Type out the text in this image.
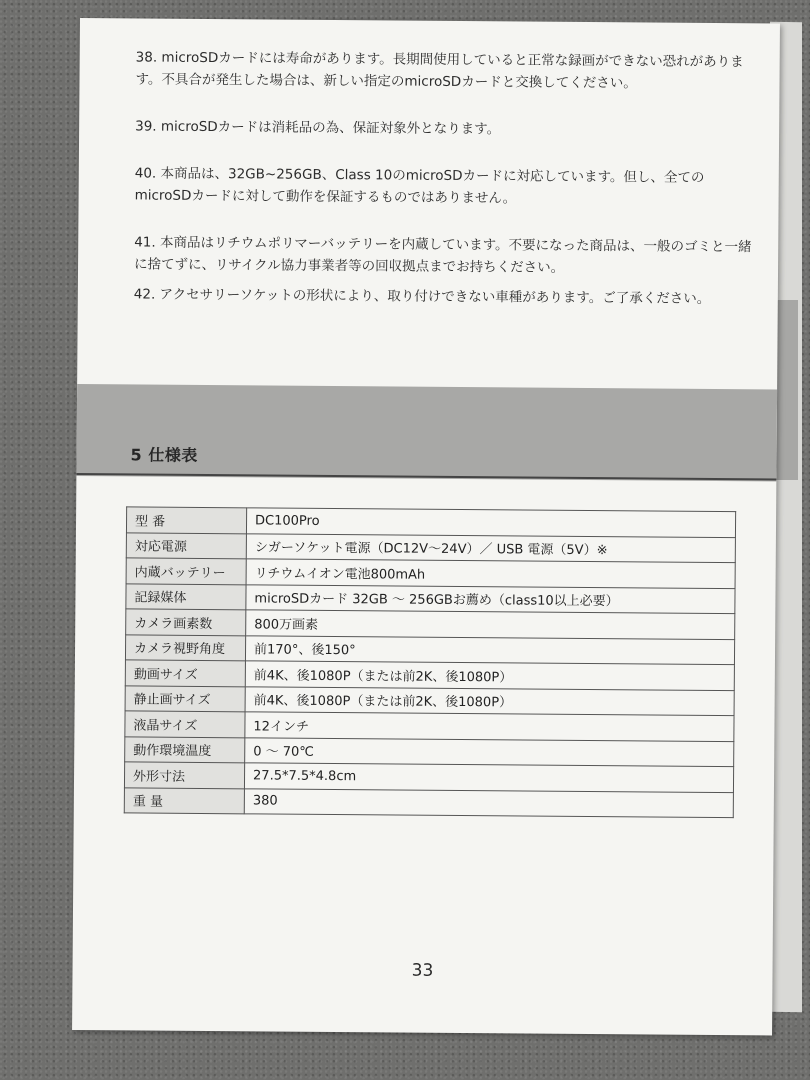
38. microSDカードには寿命があります。長期間使用していると正常な録画ができない恐れがあります。不具合が発生した場合は、新しい指定のmicroSDカードと交換してください。

39. microSDカードは消耗品の為、保証対象外となります。

40. 本商品は、32GB~256GB、Class 10のmicroSDカードに対応しています。但し、全てのmicroSDカードに対して動作を保証するものではありません。

41. 本商品はリチウムポリマーバッテリーを内蔵しています。不要になった商品は、一般のゴミと一緒に捨てずに、リサイクル協力事業者等の回収拠点までお持ちください。

42. アクセサリーソケットの形状により、取り付けできない車種があります。ご了承ください。

5 仕様表
型 番	DC100Pro
対応電源	シガーソケット電源（DC12V〜24V）／ USB 電源（5V）※
内蔵バッテリー	リチウムイオン電池800mAh
記録媒体	microSDカード 32GB 〜 256GBお薦め（class10以上必要）
カメラ画素数	800万画素
カメラ視野角度	前170°、後150°
動画サイズ	前4K、後1080P（または前2K、後1080P）
静止画サイズ	前4K、後1080P（または前2K、後1080P）
液晶サイズ	12インチ
動作環境温度	0 〜 70℃
外形寸法	27.5*7.5*4.8cm
重 量	380
33
